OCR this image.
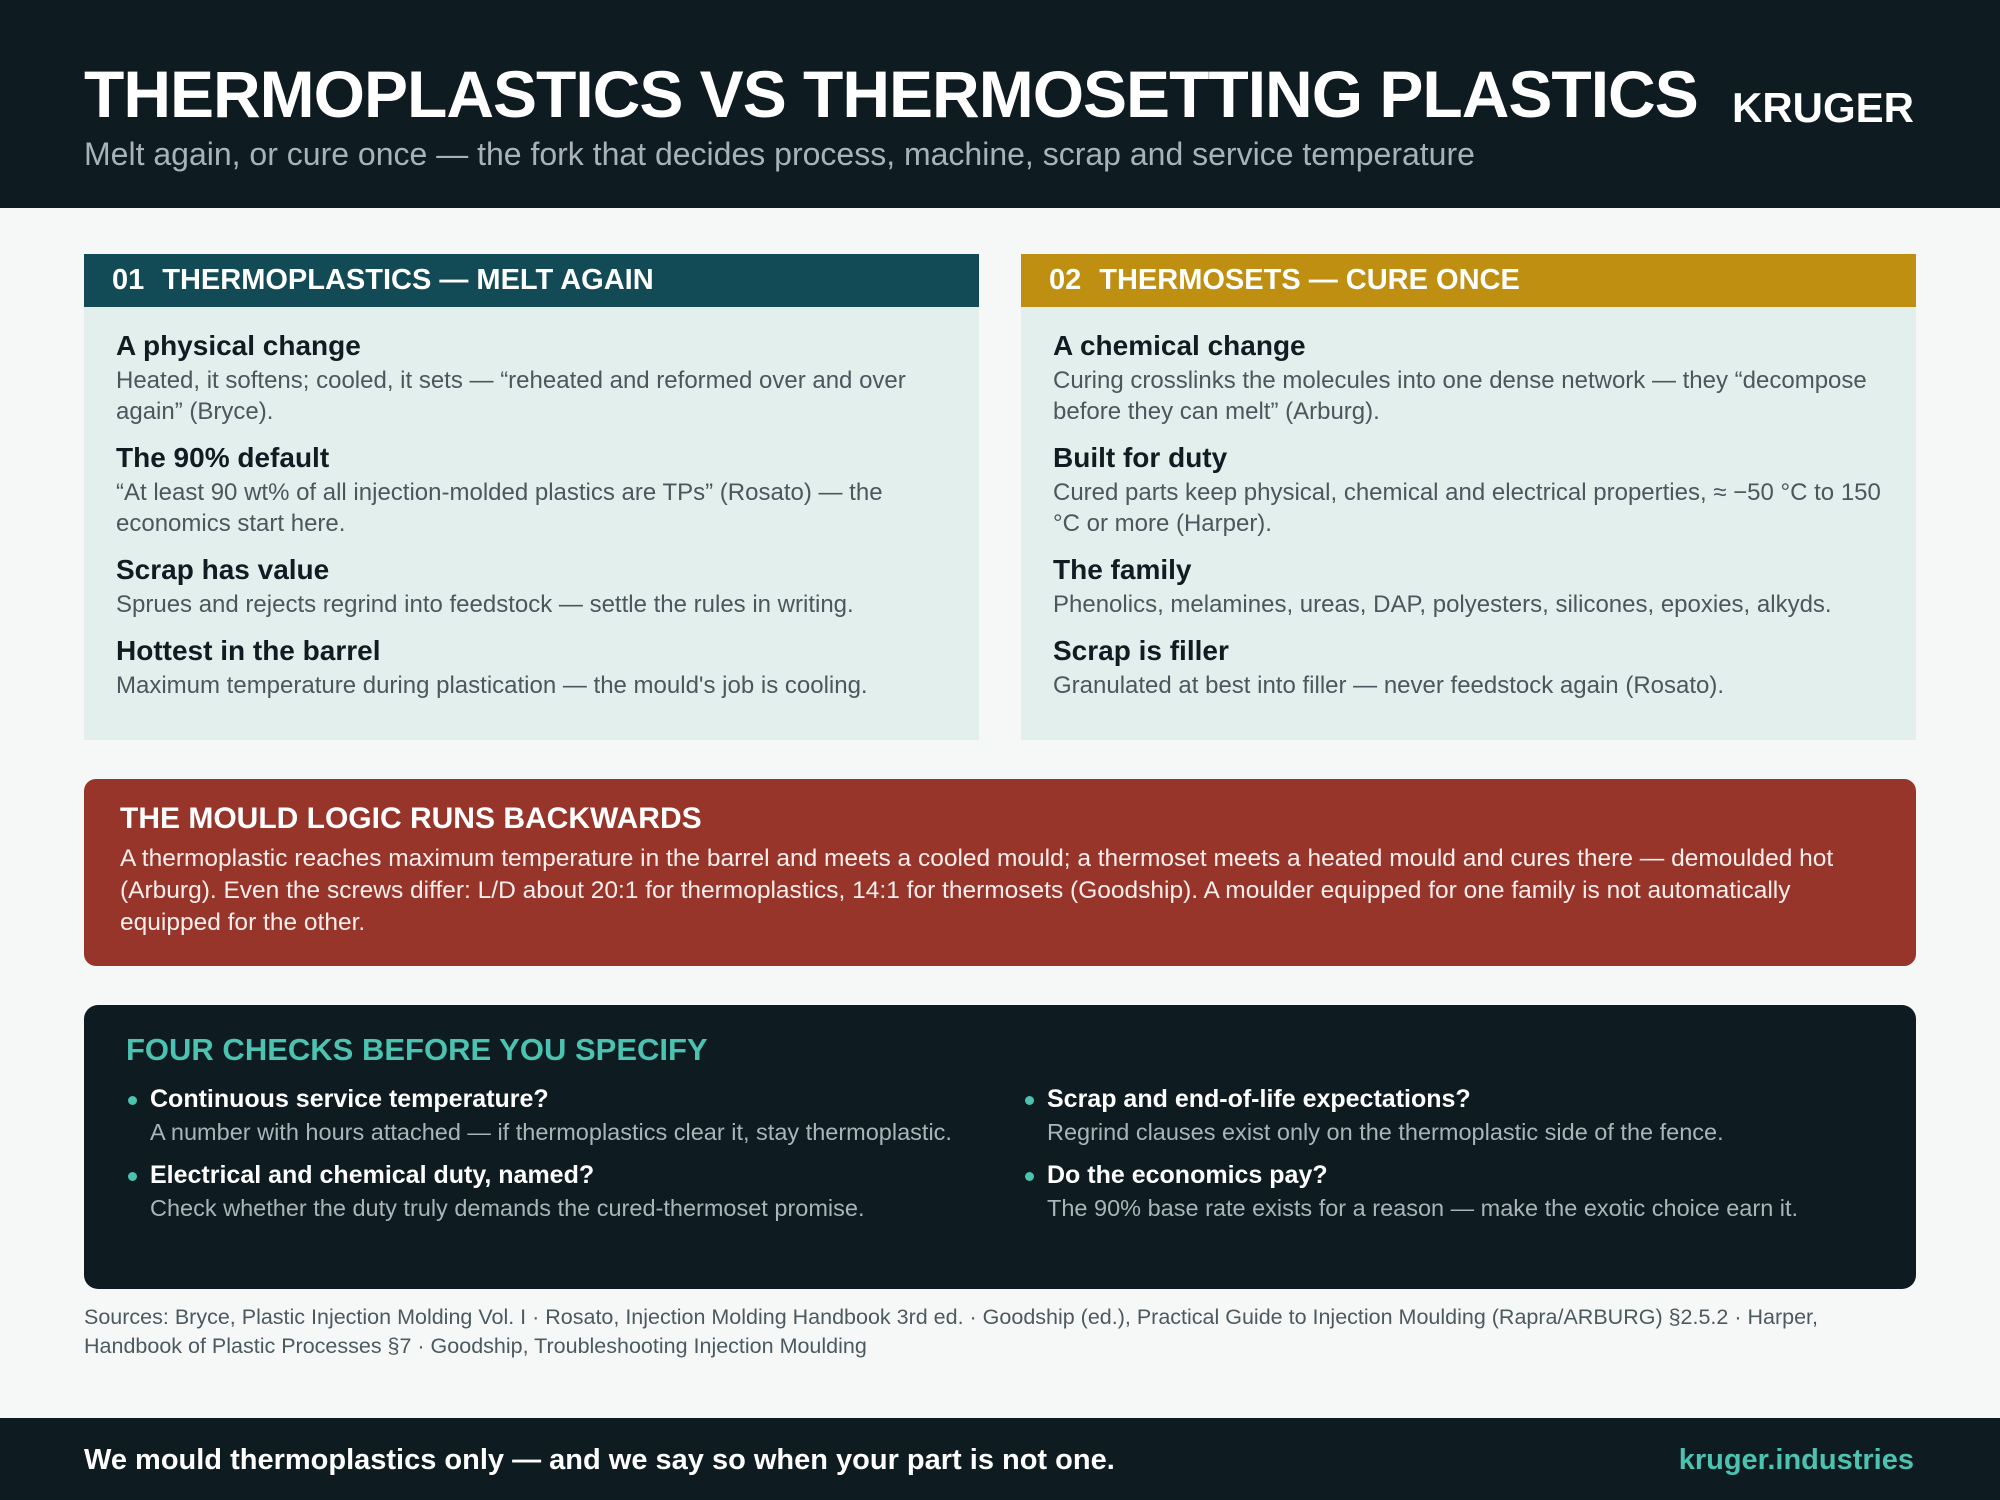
THERMOPLASTICS VS THERMOSETTING PLASTICS
Melt again, or cure once — the fork that decides process, machine, scrap and service temperature
KRUGER
01 THERMOPLASTICS — MELT AGAIN
A physical change
Heated, it softens; cooled, it sets — “reheated and reformed over and over again” (Bryce).
The 90% default
“At least 90 wt% of all injection-molded plastics are TPs” (Rosato) — the economics start here.
Scrap has value
Sprues and rejects regrind into feedstock — settle the rules in writing.
Hottest in the barrel
Maximum temperature during plastication — the mould's job is cooling.
02 THERMOSETS — CURE ONCE
A chemical change
Curing crosslinks the molecules into one dense network — they “decompose before they can melt” (Arburg).
Built for duty
Cured parts keep physical, chemical and electrical properties, ≈ −50 °C to 150 °C or more (Harper).
The family
Phenolics, melamines, ureas, DAP, polyesters, silicones, epoxies, alkyds.
Scrap is filler
Granulated at best into filler — never feedstock again (Rosato).
THE MOULD LOGIC RUNS BACKWARDS
A thermoplastic reaches maximum temperature in the barrel and meets a cooled mould; a thermoset meets a heated mould and cures there — demoulded hot (Arburg). Even the screws differ: L/D about 20:1 for thermoplastics, 14:1 for thermosets (Goodship). A moulder equipped for one family is not automatically equipped for the other.
FOUR CHECKS BEFORE YOU SPECIFY
Continuous service temperature?
A number with hours attached — if thermoplastics clear it, stay thermoplastic.
Electrical and chemical duty, named?
Check whether the duty truly demands the cured-thermoset promise.
Scrap and end-of-life expectations?
Regrind clauses exist only on the thermoplastic side of the fence.
Do the economics pay?
The 90% base rate exists for a reason — make the exotic choice earn it.
Sources: Bryce, Plastic Injection Molding Vol. I · Rosato, Injection Molding Handbook 3rd ed. · Goodship (ed.), Practical Guide to Injection Moulding (Rapra/ARBURG) §2.5.2 · Harper, Handbook of Plastic Processes §7 · Goodship, Troubleshooting Injection Moulding
We mould thermoplastics only — and we say so when your part is not one.	kruger.industries
